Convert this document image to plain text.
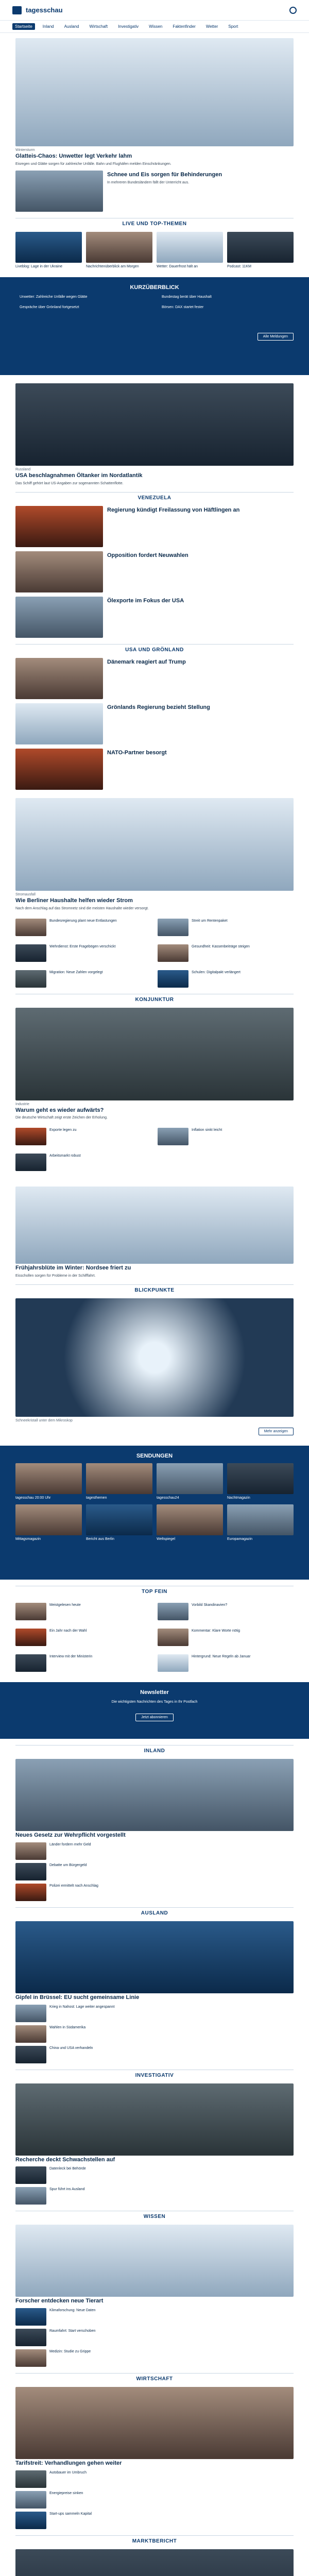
tagesschau
Startseite	Inland	Ausland	Wirtschaft	Investigativ	Wissen	Faktenfinder	Wetter	Sport
Wintersturm
Glatteis-Chaos: Unwetter legt Verkehr lahm
Eisregen und Glätte sorgen für zahlreiche Unfälle. Bahn und Flughäfen melden Einschränkungen.
Schnee und Eis sorgen für Behinderungen
In mehreren Bundesländern fällt der Unterricht aus.
LIVE UND TOP-THEMEN
Liveblog: Lage in der Ukraine	Nachrichtenüberblick am Morgen	Wetter: Dauerfrost hält an	Podcast: 11KM
KURZÜBERBLICK
Unwetter: Zahlreiche Unfälle wegen Glätte	Bundestag berät über Haushalt
Gespräche über Grönland fortgesetzt	Börsen: DAX startet fester
Alle Meldungen
Russland
USA beschlagnahmen Öltanker im Nordatlantik
Das Schiff gehört laut US-Angaben zur sogenannten Schattenflotte.
VENEZUELA
Regierung kündigt Freilassung von Häftlingen an
Opposition fordert Neuwahlen
Ölexporte im Fokus der USA
USA UND GRÖNLAND
Dänemark reagiert auf Trump
Grönlands Regierung bezieht Stellung
NATO-Partner besorgt
Stromausfall
Wie Berliner Haushalte helfen wieder Strom
Nach dem Anschlag auf das Stromnetz sind die meisten Haushalte wieder versorgt.
Bundesregierung plant neue Entlastungen	Streit um Rentenpaket
Wehrdienst: Erste Fragebögen verschickt	Gesundheit: Kassenbeiträge steigen
Migration: Neue Zahlen vorgelegt	Schulen: Digitalpakt verlängert
KONJUNKTUR
Industrie
Warum geht es wieder aufwärts?
Die deutsche Wirtschaft zeigt erste Zeichen der Erholung.
Exporte legen zu	Inflation sinkt leicht
Arbeitsmarkt robust
Frühjahrsblüte im Winter: Nordsee friert zu
Eisschollen sorgen für Probleme in der Schifffahrt.
BLICKPUNKTE
Schneekristall unter dem Mikroskop
Mehr anzeigen
SENDUNGEN
tagesschau 20:00 Uhr	tagesthemen	tagesschau24	Nachtmagazin
Mittagsmagazin	Bericht aus Berlin	Weltspiegel	Europamagazin
TOP FEIN
Meistgelesen heute	Vorbild Skandinavien?
Ein Jahr nach der Wahl	Kommentar: Klare Worte nötig
Interview mit der Ministerin	Hintergrund: Neue Regeln ab Januar
Newsletter
Die wichtigsten Nachrichten des Tages in Ihr Postfach
Jetzt abonnieren
INLAND
Neues Gesetz zur Wehrpflicht vorgestellt
Länder fordern mehr Geld
Debatte um Bürgergeld
Polizei ermittelt nach Anschlag
AUSLAND
Gipfel in Brüssel: EU sucht gemeinsame Linie
Krieg in Nahost: Lage weiter angespannt
Wahlen in Südamerika
China und USA verhandeln
INVESTIGATIV
Recherche deckt Schwachstellen auf
Datenleck bei Behörde
Spur führt ins Ausland
WISSEN
Forscher entdecken neue Tierart
Klimaforschung: Neue Daten
Raumfahrt: Start verschoben
Medizin: Studie zu Grippe
WIRTSCHAFT
Tarifstreit: Verhandlungen gehen weiter
Autobauer im Umbruch
Energiepreise sinken
Start-ups sammeln Kapital
MARKTBERICHT
